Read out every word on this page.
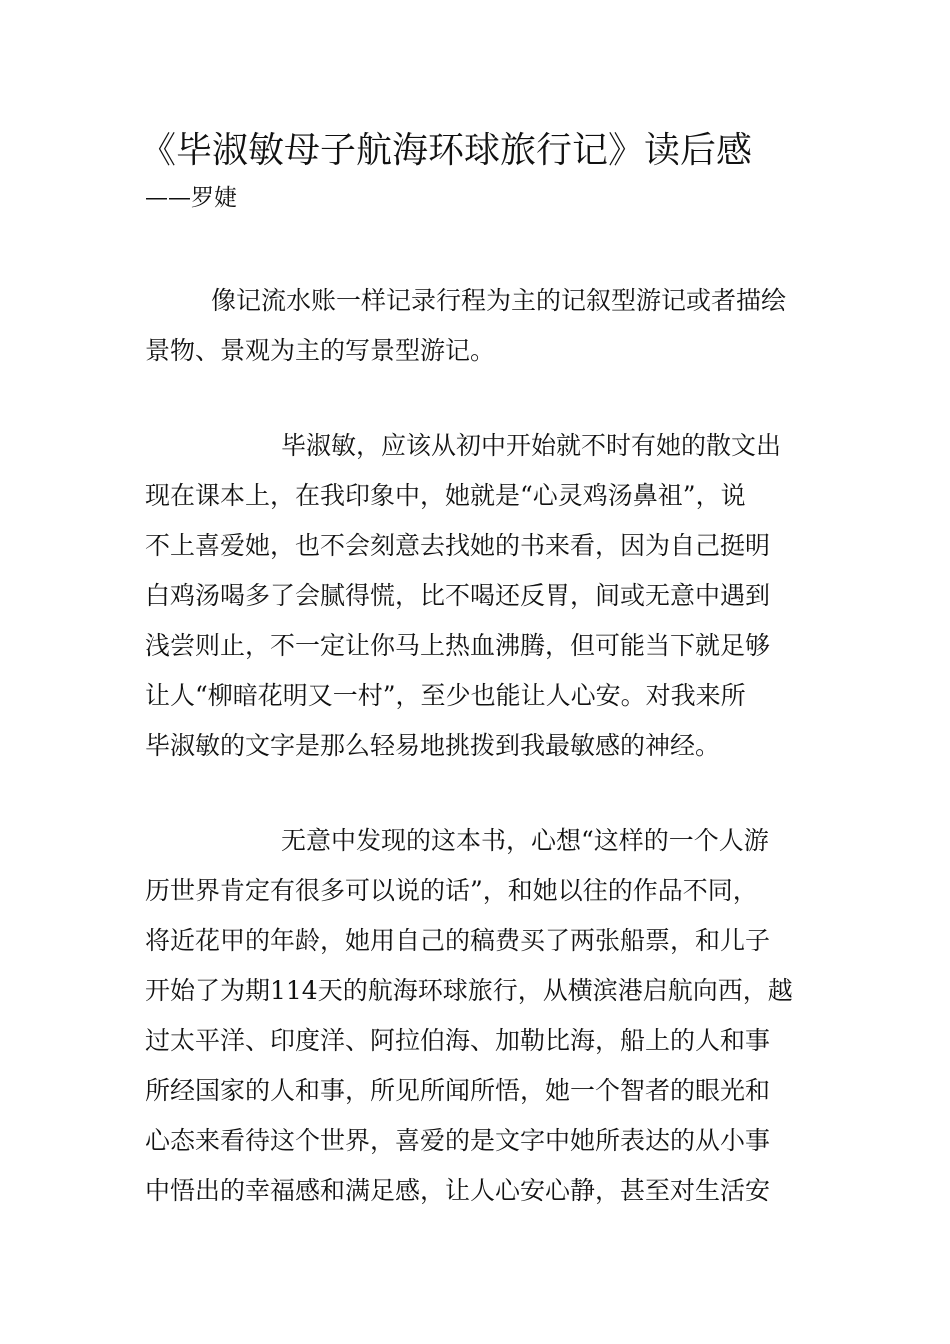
《毕淑敏母子航海环球旅行记》读后感
——罗婕
像记流水账一样记录行程为主的记叙型游记或者描绘
景物、景观为主的写景型游记。
毕淑敏，应该从初中开始就不时有她的散文出
现在课本上，在我印象中，她就是“心灵鸡汤鼻祖”，说
不上喜爱她，也不会刻意去找她的书来看，因为自己挺明
白鸡汤喝多了会腻得慌，比不喝还反胃，间或无意中遇到
浅尝则止，不一定让你马上热血沸腾，但可能当下就足够
让人“柳暗花明又一村”，至少也能让人心安。对我来所
毕淑敏的文字是那么轻易地挑拨到我最敏感的神经。
无意中发现的这本书，心想“这样的一个人游
历世界肯定有很多可以说的话”，和她以往的作品不同，
将近花甲的年龄，她用自己的稿费买了两张船票，和儿子
开始了为期114天的航海环球旅行，从横滨港启航向西，越
过太平洋、印度洋、阿拉伯海、加勒比海，船上的人和事
所经国家的人和事，所见所闻所悟，她一个智者的眼光和
心态来看待这个世界，喜爱的是文字中她所表达的从小事
中悟出的幸福感和满足感，让人心安心静，甚至对生活安
